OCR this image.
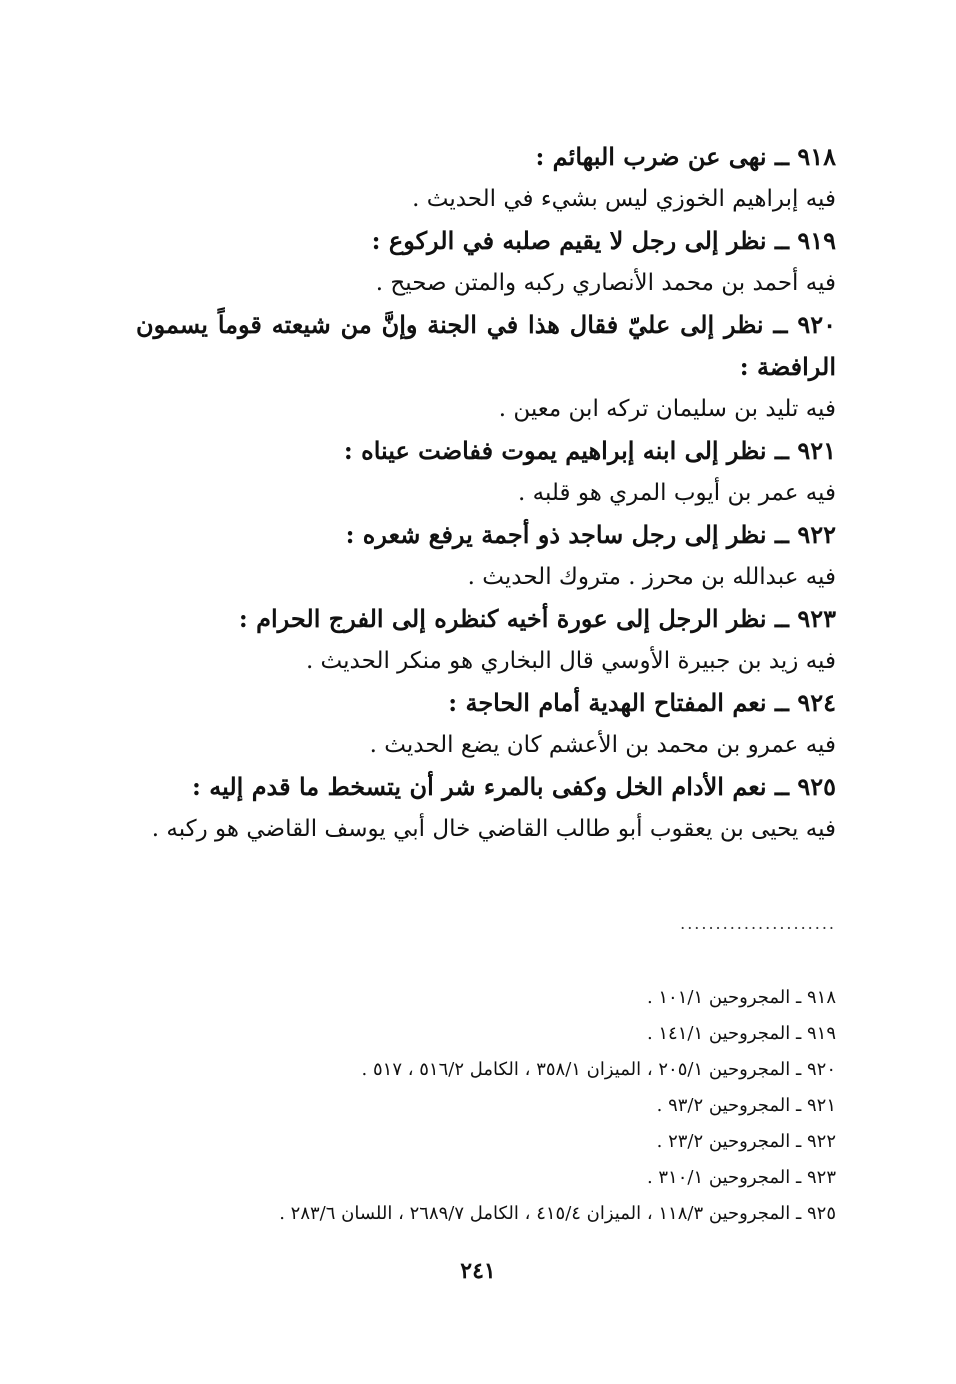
٩١٨ ــ نهى عن ضرب البهائم :

فيه إبراهيم الخوزي ليس بشيء في الحديث .

٩١٩ ــ نظر إلى رجل لا يقيم صلبه في الركوع :

فيه أحمد بن محمد الأنصاري ركبه والمتن صحيح .

٩٢٠ ــ نظر إلى عليّ فقال هذا في الجنة وإنَّ من شيعته قوماً يسمون الرافضة :

فيه تليد بن سليمان تركه ابن معين .

٩٢١ ــ نظر إلى ابنه إبراهيم يموت ففاضت عيناه :

فيه عمر بن أيوب المري هو قلبه .

٩٢٢ ــ نظر إلى رجل ساجد ذو أجمة يرفع شعره :

فيه عبدالله بن محرز . متروك الحديث .

٩٢٣ ــ نظر الرجل إلى عورة أخيه كنظره إلى الفرج الحرام :

فيه زيد بن جبيرة الأوسي قال البخاري هو منكر الحديث .

٩٢٤ ــ نعم المفتاح الهدية أمام الحاجة :

فيه عمرو بن محمد بن الأعشم كان يضع الحديث .

٩٢٥ ــ نعم الأدام الخل وكفى بالمرء شر أن يتسخط ما قدم إليه :

فيه يحيى بن يعقوب أبو طالب القاضي خال أبي يوسف القاضي هو ركبه .

......................

٩١٨ ـ المجروحين ١٠١/١ .

٩١٩ ـ المجروحين ١٤١/١ .

٩٢٠ ـ المجروحين ٢٠٥/١ ، الميزان ٣٥٨/١ ، الكامل ٥١٦/٢ ، ٥١٧ .

٩٢١ ـ المجروحين ٩٣/٢ .

٩٢٢ ـ المجروحين ٢٣/٢ .

٩٢٣ ـ المجروحين ٣١٠/١ .

٩٢٥ ـ المجروحين ١١٨/٣ ، الميزان ٤١٥/٤ ، الكامل ٢٦٨٩/٧ ، اللسان ٢٨٣/٦ .

٢٤١
